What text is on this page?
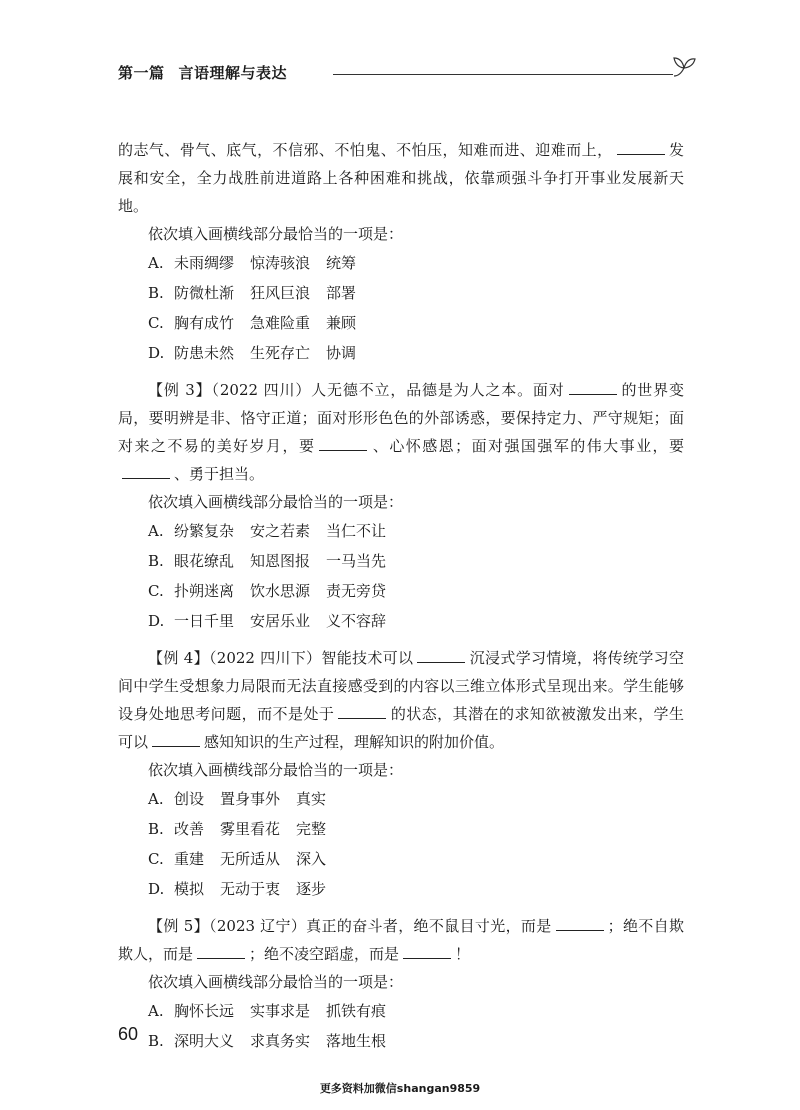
第一篇 言语理解与表达

的志气、骨气、底气，不信邪、不怕鬼、不怕压，知难而进、迎难而上，	发展和安全，全力战胜前进道路上各种困难和挑战，依靠顽强斗争打开事业发展新天地。

依次填入画横线部分最恰当的一项是：

A. 未雨绸缪 惊涛骇浪 统筹
B. 防微杜渐 狂风巨浪 部署
C. 胸有成竹 急难险重 兼顾
D. 防患未然 生死存亡 协调

【例 3】（2022 四川）人无德不立，品德是为人之本。面对	的世界变局，要明辨是非、恪守正道；面对形形色色的外部诱惑，要保持定力、严守规矩；面对来之不易的美好岁月，要	、心怀感恩；面对强国强军的伟大事业，要、勇于担当。

依次填入画横线部分最恰当的一项是：

A. 纷繁复杂 安之若素 当仁不让
B. 眼花缭乱 知恩图报 一马当先
C. 扑朔迷离 饮水思源 责无旁贷
D. 一日千里 安居乐业 义不容辞

【例 4】（2022 四川下）智能技术可以	沉浸式学习情境，将传统学习空间中学生受想象力局限而无法直接感受到的内容以三维立体形式呈现出来。学生能够设身处地思考问题，而不是处于	的状态，其潜在的求知欲被激发出来，学生可以	感知知识的生产过程，理解知识的附加价值。

依次填入画横线部分最恰当的一项是：

A. 创设 置身事外 真实
B. 改善 雾里看花 完整
C. 重建 无所适从 深入
D. 模拟 无动于衷 逐步

【例 5】（2023 辽宁）真正的奋斗者，绝不鼠目寸光，而是	；绝不自欺欺人，而是	；绝不凌空蹈虚，而是	！

依次填入画横线部分最恰当的一项是：

A. 胸怀长远 实事求是 抓铁有痕
B. 深明大义 求真务实 落地生根
60
更多资料加微信shangan9859
